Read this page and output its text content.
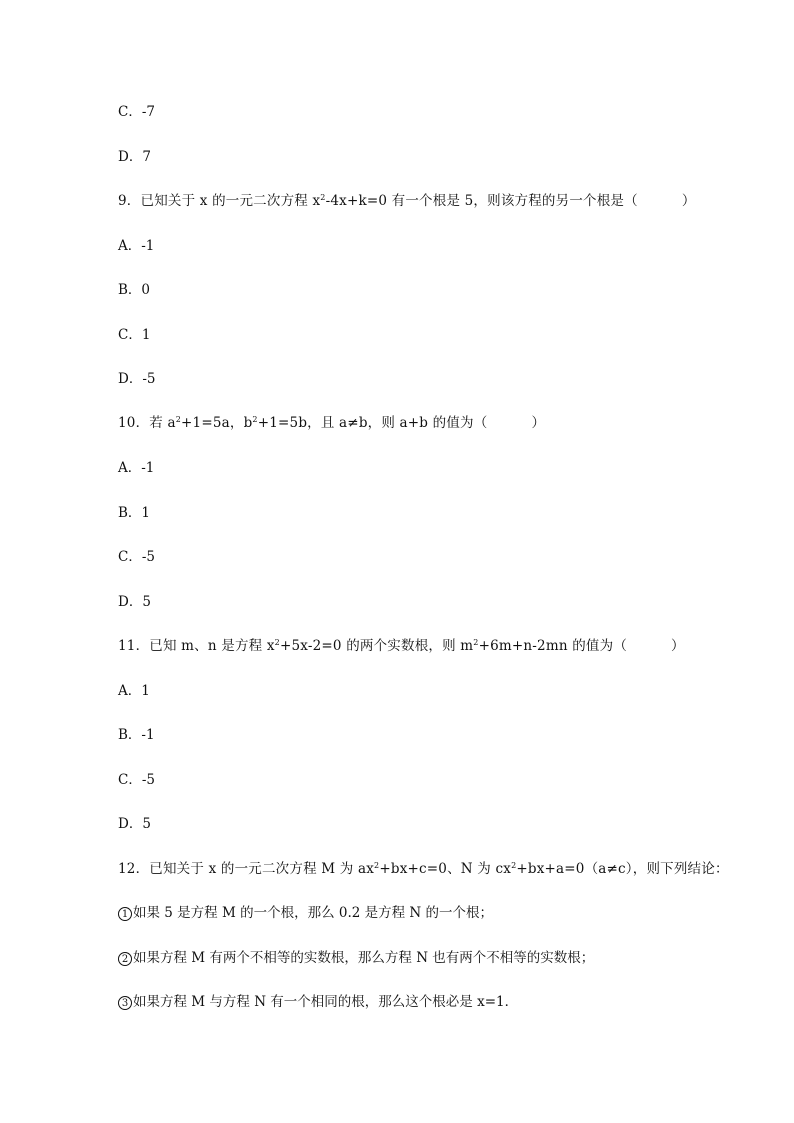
C．-7
D．7
9．已知关于 x 的一元二次方程 $x^2-4x+k=0$ 有一个根是 5，则该方程的另一个根是（	）
A．-1
B．0
C．1
D．-5
10．若 $a^2+1=5a$，$b^2+1=5b$，且 a≠b，则 a+b 的值为（	）
A．-1
B．1
C．-5
D．5
11．已知 m、n 是方程 $x^2+5x-2=0$ 的两个实数根，则 $m^2+6m+n-2mn$ 的值为（	）
A．1
B．-1
C．-5
D．5
12．已知关于 x 的一元二次方程 M 为 $ax^2+bx+c=0$、N 为 $cx^2+bx+a=0(a\ne c)$，则下列结论：
1 如果 5 是方程 M 的一个根，那么 0.2 是方程 N 的一个根；
2 如果方程 M 有两个不相等的实数根，那么方程 N 也有两个不相等的实数根；
3 如果方程 M 与方程 N 有一个相同的根，那么这个根必是 x=1．
